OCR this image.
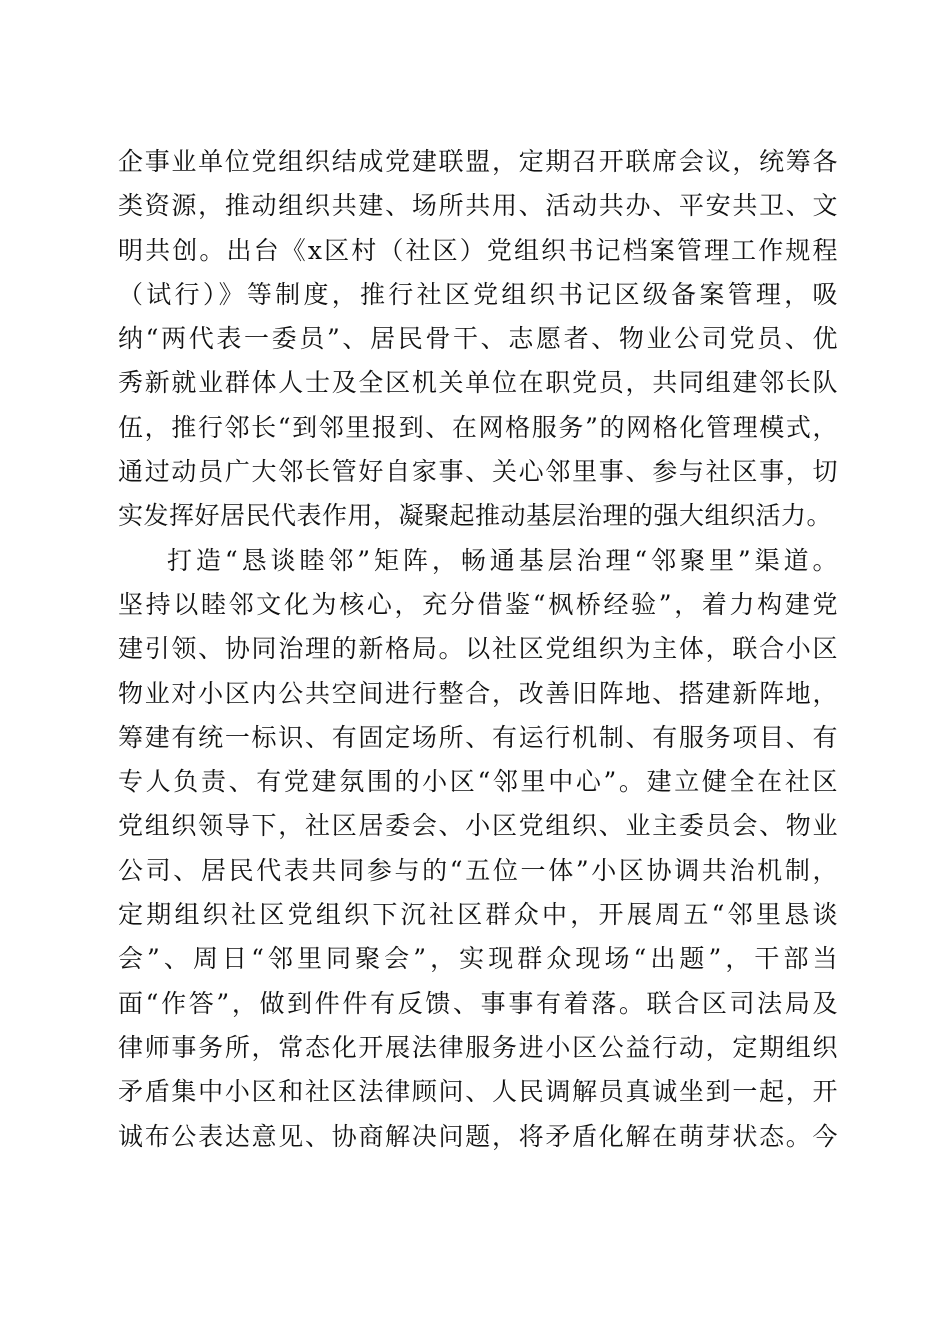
企事业单位党组织结成党建联盟，定期召开联席会议，统筹各
类资源，推动组织共建、场所共用、活动共办、平安共卫、文
明共创。出台《x区村（社区）党组织书记档案管理工作规程
（试行）》等制度，推行社区党组织书记区级备案管理，吸
纳“两代表一委员”、居民骨干、志愿者、物业公司党员、优
秀新就业群体人士及全区机关单位在职党员，共同组建邻长队
伍，推行邻长“到邻里报到、在网格服务”的网格化管理模式，
通过动员广大邻长管好自家事、关心邻里事、参与社区事，切
实发挥好居民代表作用，凝聚起推动基层治理的强大组织活力。
打造“恳谈睦邻”矩阵，畅通基层治理“邻聚里”渠道。
坚持以睦邻文化为核心，充分借鉴“枫桥经验”，着力构建党
建引领、协同治理的新格局。以社区党组织为主体，联合小区
物业对小区内公共空间进行整合，改善旧阵地、搭建新阵地，
筹建有统一标识、有固定场所、有运行机制、有服务项目、有
专人负责、有党建氛围的小区“邻里中心”。建立健全在社区
党组织领导下，社区居委会、小区党组织、业主委员会、物业
公司、居民代表共同参与的“五位一体”小区协调共治机制，
定期组织社区党组织下沉社区群众中，开展周五“邻里恳谈
会”、周日“邻里同聚会”，实现群众现场“出题”，干部当
面“作答”，做到件件有反馈、事事有着落。联合区司法局及
律师事务所，常态化开展法律服务进小区公益行动，定期组织
矛盾集中小区和社区法律顾问、人民调解员真诚坐到一起，开
诚布公表达意见、协商解决问题，将矛盾化解在萌芽状态。今
